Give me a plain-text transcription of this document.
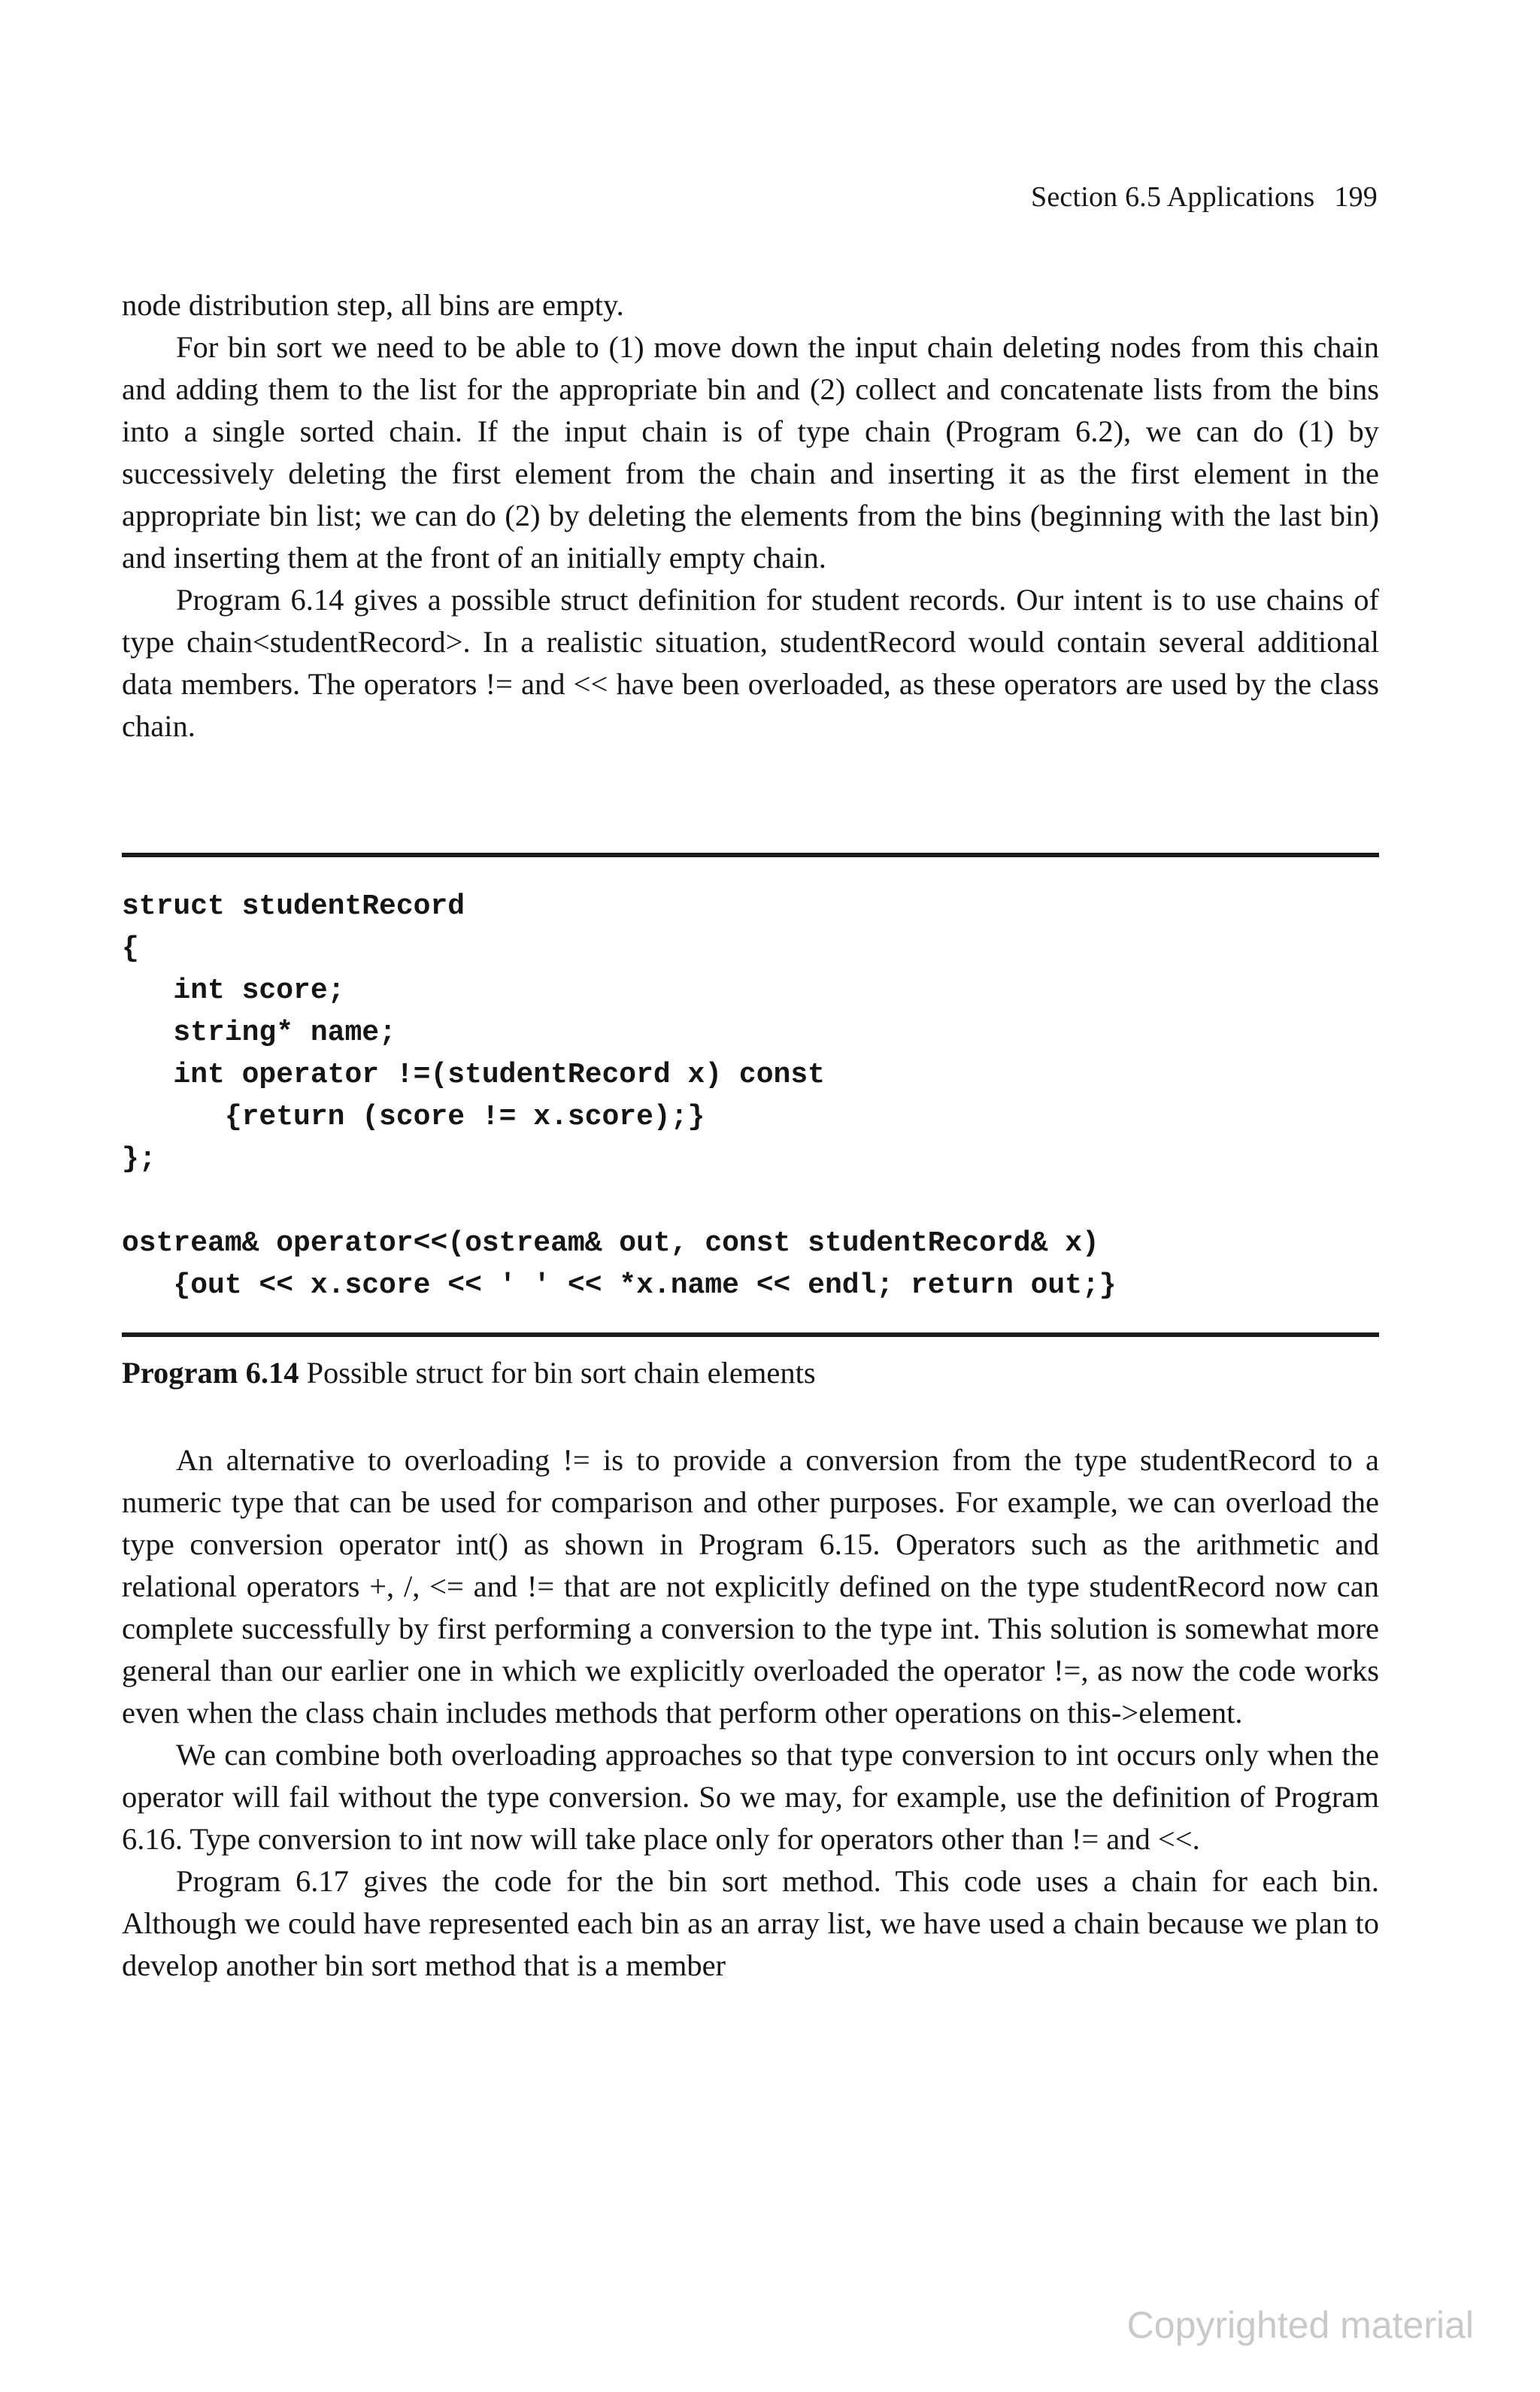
Section 6.5 Applications 199

node distribution step, all bins are empty.

For bin sort we need to be able to (1) move down the input chain deleting nodes from this chain and adding them to the list for the appropriate bin and (2) collect and concatenate lists from the bins into a single sorted chain. If the input chain is of type chain (Program 6.2), we can do (1) by successively deleting the first element from the chain and inserting it as the first element in the appropriate bin list; we can do (2) by deleting the elements from the bins (beginning with the last bin) and inserting them at the front of an initially empty chain.

Program 6.14 gives a possible struct definition for student records. Our intent is to use chains of type chain<studentRecord>. In a realistic situation, studentRecord would contain several additional data members. The operators != and << have been overloaded, as these operators are used by the class chain.

struct studentRecord
{
int score;
string* name;
int operator !=(studentRecord x) const
{return (score != x.score);}
};

ostream& operator<<(ostream& out, const studentRecord& x)
{out << x.score << ' ' << *x.name << endl; return out;}
Program 6.14 Possible struct for bin sort chain elements

An alternative to overloading != is to provide a conversion from the type studentRecord to a numeric type that can be used for comparison and other purposes. For example, we can overload the type conversion operator int() as shown in Program 6.15. Operators such as the arithmetic and relational operators +, /, <= and != that are not explicitly defined on the type studentRecord now can complete successfully by first performing a conversion to the type int. This solution is somewhat more general than our earlier one in which we explicitly overloaded the operator !=, as now the code works even when the class chain includes methods that perform other operations on this->element.

We can combine both overloading approaches so that type conversion to int occurs only when the operator will fail without the type conversion. So we may, for example, use the definition of Program 6.16. Type conversion to int now will take place only for operators other than != and <<.

Program 6.17 gives the code for the bin sort method. This code uses a chain for each bin. Although we could have represented each bin as an array list, we have used a chain because we plan to develop another bin sort method that is a member

Copyrighted material
